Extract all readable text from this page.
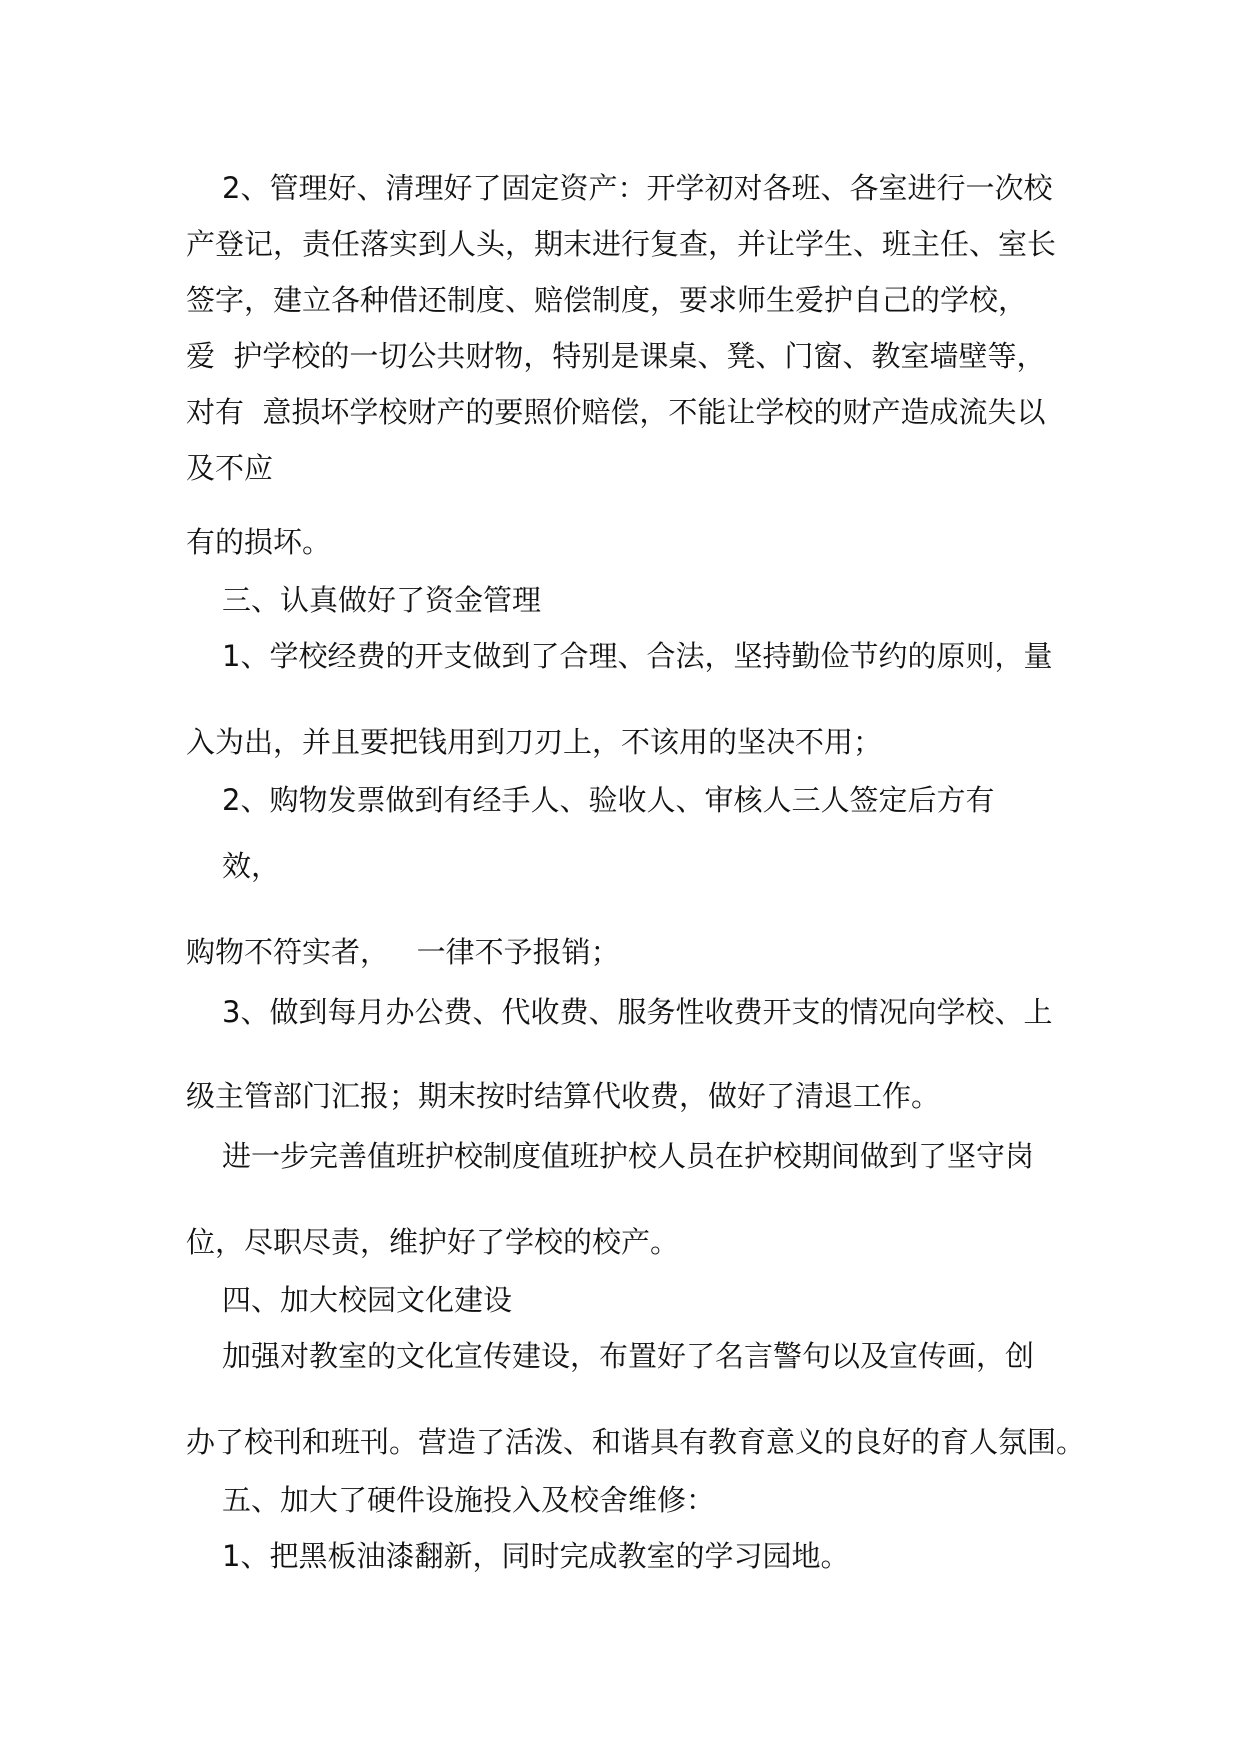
2、管理好、清理好了固定资产：开学初对各班、各室进行一次校
产登记，责任落实到人头，期末进行复查，并让学生、班主任、室长
签字，建立各种借还制度、赔偿制度，要求师生爱护自己的学校，
爱  护学校的一切公共财物，特别是课桌、凳、门窗、教室墙壁等，
对有  意损坏学校财产的要照价赔偿，不能让学校的财产造成流失以
及不应
有的损坏。
三、认真做好了资金管理
1、学校经费的开支做到了合理、合法，坚持勤俭节约的原则，量
入为出，并且要把钱用到刀刃上，不该用的坚决不用；
2、购物发票做到有经手人、验收人、审核人三人签定后方有
效，
购物不符实者，   一律不予报销；
3、做到每月办公费、代收费、服务性收费开支的情况向学校、上
级主管部门汇报；期末按时结算代收费，做好了清退工作。
进一步完善值班护校制度值班护校人员在护校期间做到了坚守岗
位，尽职尽责，维护好了学校的校产。
四、加大校园文化建设
加强对教室的文化宣传建设，布置好了名言警句以及宣传画，创
办了校刊和班刊。营造了活泼、和谐具有教育意义的良好的育人氛围。
五、加大了硬件设施投入及校舍维修：
1、把黑板油漆翻新，同时完成教室的学习园地。
